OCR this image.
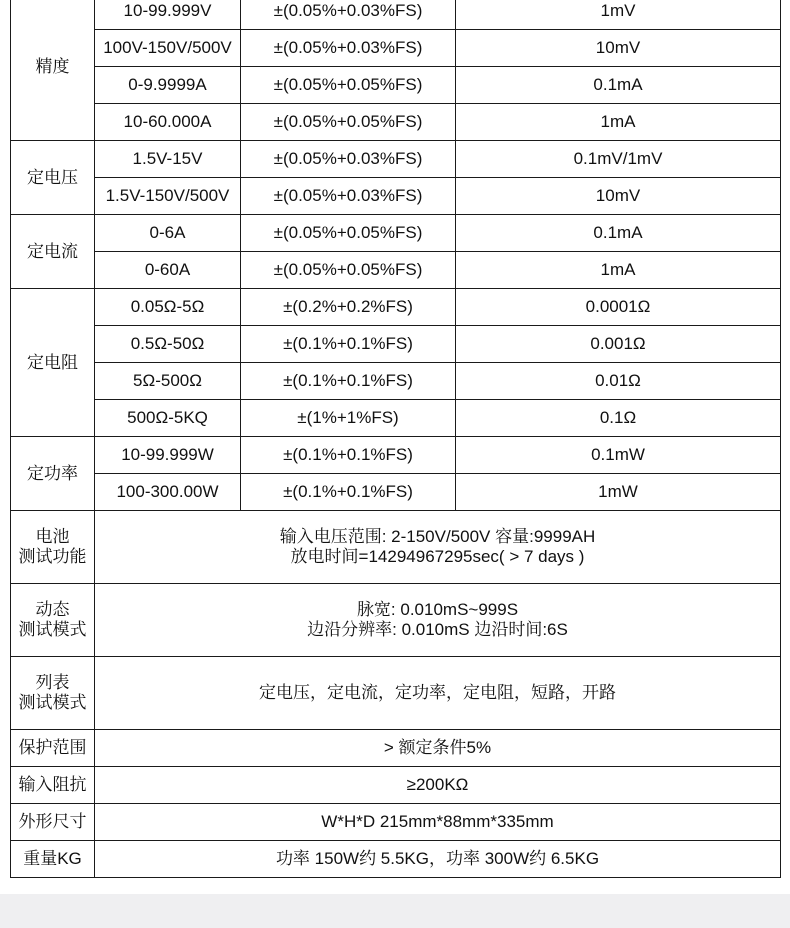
精度	10-99.999V	±(0.05%+0.03%FS)	1mV
	100V-150V/500V	±(0.05%+0.03%FS)	10mV
	0-9.9999A	±(0.05%+0.05%FS)	0.1mA
	10-60.000A	±(0.05%+0.05%FS)	1mA
定电压	1.5V-15V	±(0.05%+0.03%FS)	0.1mV/1mV
	1.5V-150V/500V	±(0.05%+0.03%FS)	10mV
定电流	0-6A	±(0.05%+0.05%FS)	0.1mA
	0-60A	±(0.05%+0.05%FS)	1mA
定电阻	0.05Ω-5Ω	±(0.2%+0.2%FS)	0.0001Ω
	0.5Ω-50Ω	±(0.1%+0.1%FS)	0.001Ω
	5Ω-500Ω	±(0.1%+0.1%FS)	0.01Ω
	500Ω-5KQ	±(1%+1%FS)	0.1Ω
定功率	10-99.999W	±(0.1%+0.1%FS)	0.1mW
	100-300.00W	±(0.1%+0.1%FS)	1mW

电池
测试功能	输入电压范围: 2-150V/500V 容量:9999AH
放电时间=14294967295sec( > 7 days )		

动态
测试模式	脉宽: 0.010mS~999S
边沿分辨率: 0.010mS 边沿时间:6S		

列表
测试模式	定电压，定电流，定功率，定电阻，短路，开路		

保护范围	> 额定条件5%		

输入阻抗	≥200KΩ		

外形尺寸	W*H*D 215mm*88mm*335mm		

重量KG	功率 150W约 5.5KG，功率 300W约 6.5KG		
